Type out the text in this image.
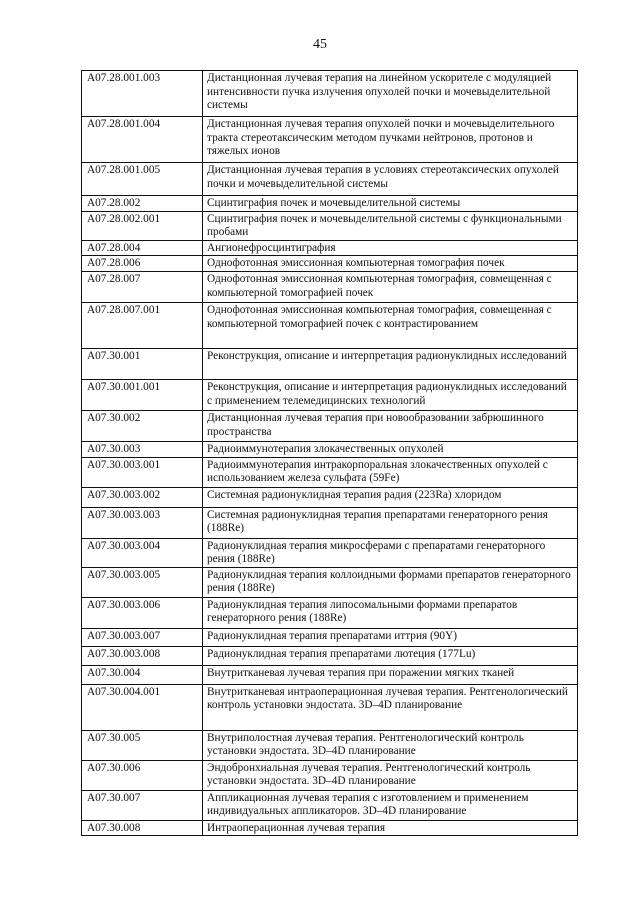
45
A07.28.001.003	Дистанционная лучевая терапия на линейном ускорителе с модуляцией интенсивности пучка излучения опухолей почки и мочевыделительной системы
A07.28.001.004	Дистанционная лучевая терапия опухолей почки и мочевыделительного тракта стереотаксическим методом пучками нейтронов, протонов и тяжелых ионов
A07.28.001.005	Дистанционная лучевая терапия в условиях стереотаксических опухолей почки и мочевыделительной системы
A07.28.002	Сцинтиграфия почек и мочевыделительной системы
A07.28.002.001	Сцинтиграфия почек и мочевыделительной системы с функциональными пробами
A07.28.004	Ангионефросцинтиграфия
A07.28.006	Однофотонная эмиссионная компьютерная томография почек
A07.28.007	Однофотонная эмиссионная компьютерная томография, совмещенная с компьютерной томографией почек
A07.28.007.001	Однофотонная эмиссионная компьютерная томография, совмещенная с компьютерной томографией почек с контрастированием
A07.30.001	Реконструкция, описание и интерпретация радионуклидных исследований
A07.30.001.001	Реконструкция, описание и интерпретация радионуклидных исследований с применением телемедицинских технологий
A07.30.002	Дистанционная лучевая терапия при новообразовании забрюшинного пространства
A07.30.003	Радиоиммунотерапия злокачественных опухолей
A07.30.003.001	Радиоиммунотерапия интракорпоральная злокачественных опухолей с использованием железа сульфата (59Fe)
A07.30.003.002	Системная радионуклидная терапия радия (223Ra) хлоридом
A07.30.003.003	Системная радионуклидная терапия препаратами генераторного рения (188Re)
A07.30.003.004	Радионуклидная терапия микросферами с препаратами генераторного рения (188Re)
A07.30.003.005	Радионуклидная терапия коллоидными формами препаратов генераторного рения (188Re)
A07.30.003.006	Радионуклидная терапия липосомальными формами препаратов генераторного рения (188Re)
A07.30.003.007	Радионуклидная терапия препаратами иттрия (90Y)
A07.30.003.008	Радионуклидная терапия препаратами лютеция (177Lu)
A07.30.004	Внутритканевая лучевая терапия при поражении мягких тканей
A07.30.004.001	Внутритканевая интраоперационная лучевая терапия. Рентгенологический контроль установки эндостата. 3D–4D планирование
A07.30.005	Внутриполостная лучевая терапия. Рентгенологический контроль установки эндостата. 3D–4D планирование
A07.30.006	Эндобронхиальная лучевая терапия. Рентгенологический контроль установки эндостата. 3D–4D планирование
A07.30.007	Аппликационная лучевая терапия с изготовлением и применением индивидуальных аппликаторов. 3D–4D планирование
A07.30.008	Интраоперационная лучевая терапия
